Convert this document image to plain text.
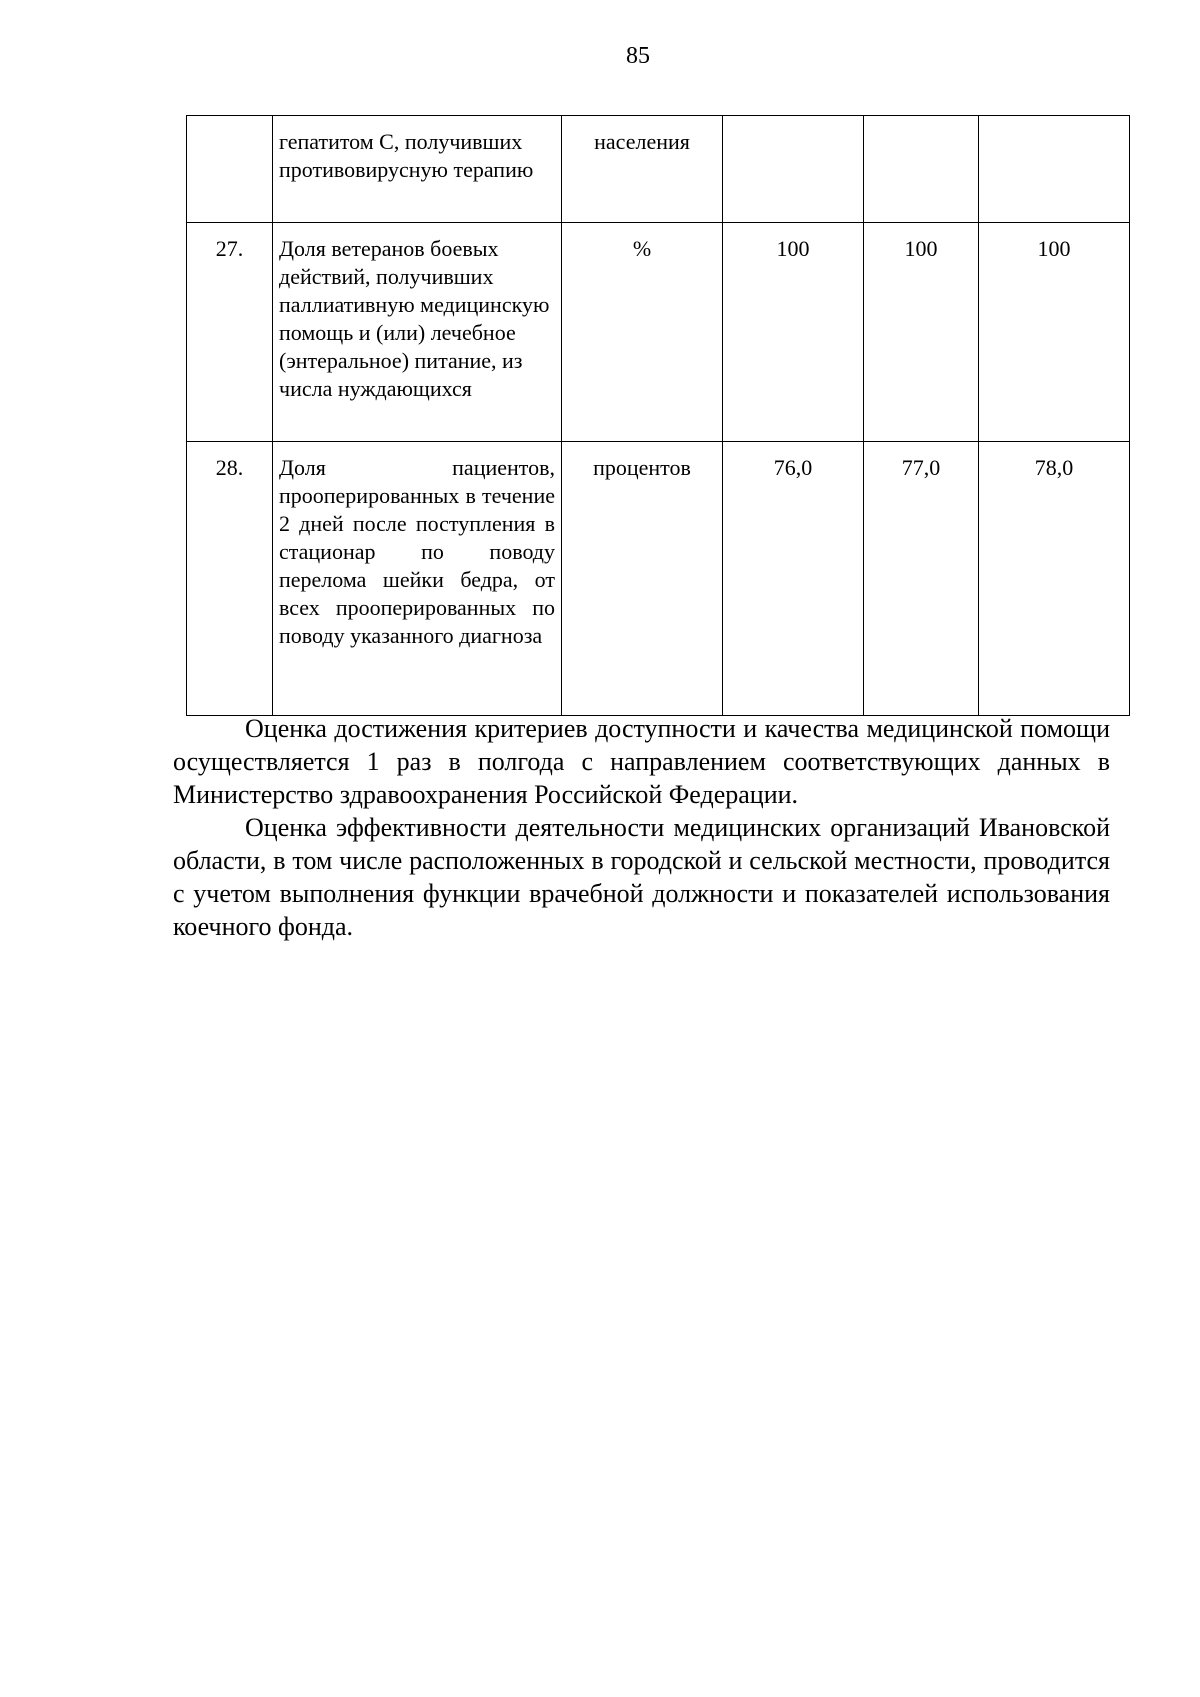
85
	гепатитом С, получивших противовирусную терапию	населения			
27.	Доля ветеранов боевых действий, получивших паллиативную медицинскую помощь и (или) лечебное (энтеральное) питание, из числа нуждающихся	%	100	100	100
28.	Доля пациентов, прооперированных в течение 2 дней после поступления в стационар по поводу перелома шейки бедра, от всех прооперированных по поводу указанного диагноза	процентов	76,0	77,0	78,0

Оценка достижения критериев доступности и качества медицинской помощи осуществляется 1 раз в полгода с направлением соответствующих данных в Министерство здравоохранения Российской Федерации.

Оценка эффективности деятельности медицинских организаций Ивановской области, в том числе расположенных в городской и сельской местности, проводится с учетом выполнения функции врачебной должности и показателей использования коечного фонда.
